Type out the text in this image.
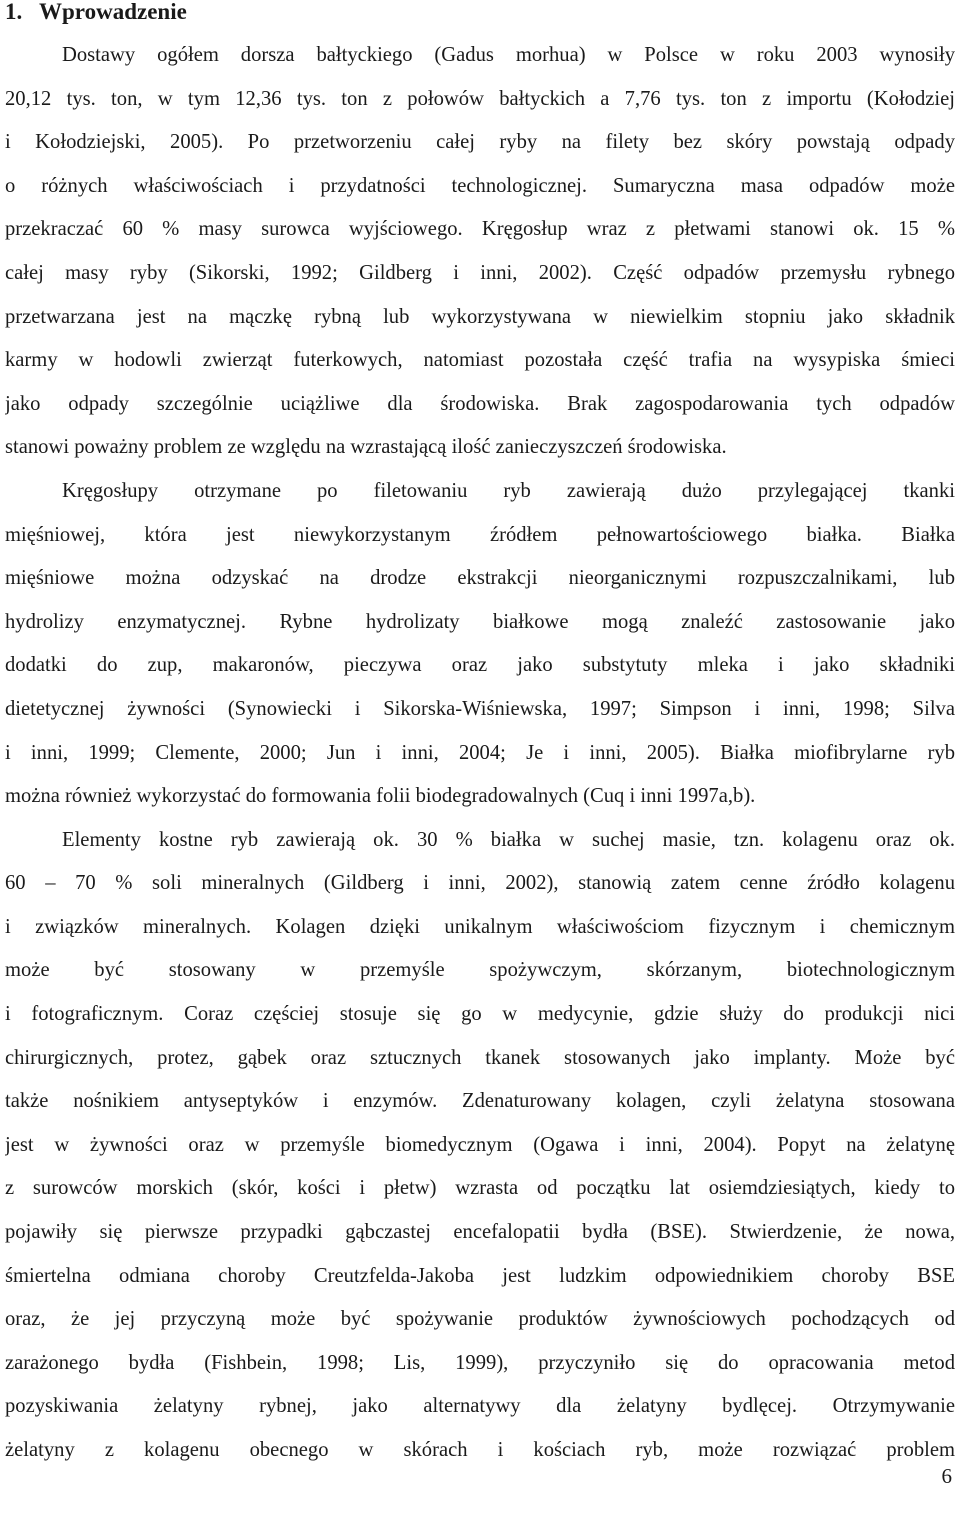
1. Wprowadzenie
Dostawy ogółem dorsza bałtyckiego (Gadus morhua) w Polsce w roku 2003 wynosiły
20,12 tys. ton, w tym 12,36 tys. ton z połowów bałtyckich a 7,76 tys. ton z importu (Kołodziej
i Kołodziejski, 2005). Po przetworzeniu całej ryby na filety bez skóry powstają odpady
o różnych właściwościach i przydatności technologicznej. Sumaryczna masa odpadów może
przekraczać 60 % masy surowca wyjściowego. Kręgosłup wraz z płetwami stanowi ok. 15 %
całej masy ryby (Sikorski, 1992; Gildberg i inni, 2002). Część odpadów przemysłu rybnego
przetwarzana jest na mączkę rybną lub wykorzystywana w niewielkim stopniu jako składnik
karmy w hodowli zwierząt futerkowych, natomiast pozostała część trafia na wysypiska śmieci
jako odpady szczególnie uciążliwe dla środowiska. Brak zagospodarowania tych odpadów
stanowi poważny problem ze względu na wzrastającą ilość zanieczyszczeń środowiska.
Kręgosłupy otrzymane po filetowaniu ryb zawierają dużo przylegającej tkanki
mięśniowej, która jest niewykorzystanym źródłem pełnowartościowego białka. Białka
mięśniowe można odzyskać na drodze ekstrakcji nieorganicznymi rozpuszczalnikami, lub
hydrolizy enzymatycznej. Rybne hydrolizaty białkowe mogą znaleźć zastosowanie jako
dodatki do zup, makaronów, pieczywa oraz jako substytuty mleka i jako składniki
dietetycznej żywności (Synowiecki i Sikorska-Wiśniewska, 1997; Simpson i inni, 1998; Silva
i inni, 1999; Clemente, 2000; Jun i inni, 2004; Je i inni, 2005). Białka miofibrylarne ryb
można również wykorzystać do formowania folii biodegradowalnych (Cuq i inni 1997a,b).
Elementy kostne ryb zawierają ok. 30 % białka w suchej masie, tzn. kolagenu oraz ok.
60 – 70 % soli mineralnych (Gildberg i inni, 2002), stanowią zatem cenne źródło kolagenu
i związków mineralnych. Kolagen dzięki unikalnym właściwościom fizycznym i chemicznym
może być stosowany w przemyśle spożywczym, skórzanym, biotechnologicznym
i fotograficznym. Coraz częściej stosuje się go w medycynie, gdzie służy do produkcji nici
chirurgicznych, protez, gąbek oraz sztucznych tkanek stosowanych jako implanty. Może być
także nośnikiem antyseptyków i enzymów. Zdenaturowany kolagen, czyli żelatyna stosowana
jest w żywności oraz w przemyśle biomedycznym (Ogawa i inni, 2004). Popyt na żelatynę
z surowców morskich (skór, kości i płetw) wzrasta od początku lat osiemdziesiątych, kiedy to
pojawiły się pierwsze przypadki gąbczastej encefalopatii bydła (BSE). Stwierdzenie, że nowa,
śmiertelna odmiana choroby Creutzfelda-Jakoba jest ludzkim odpowiednikiem choroby BSE
oraz, że jej przyczyną może być spożywanie produktów żywnościowych pochodzących od
zarażonego bydła (Fishbein, 1998; Lis, 1999), przyczyniło się do opracowania metod
pozyskiwania żelatyny rybnej, jako alternatywy dla żelatyny bydlęcej. Otrzymywanie
żelatyny z kolagenu obecnego w skórach i kościach ryb, może rozwiązać problem
6
